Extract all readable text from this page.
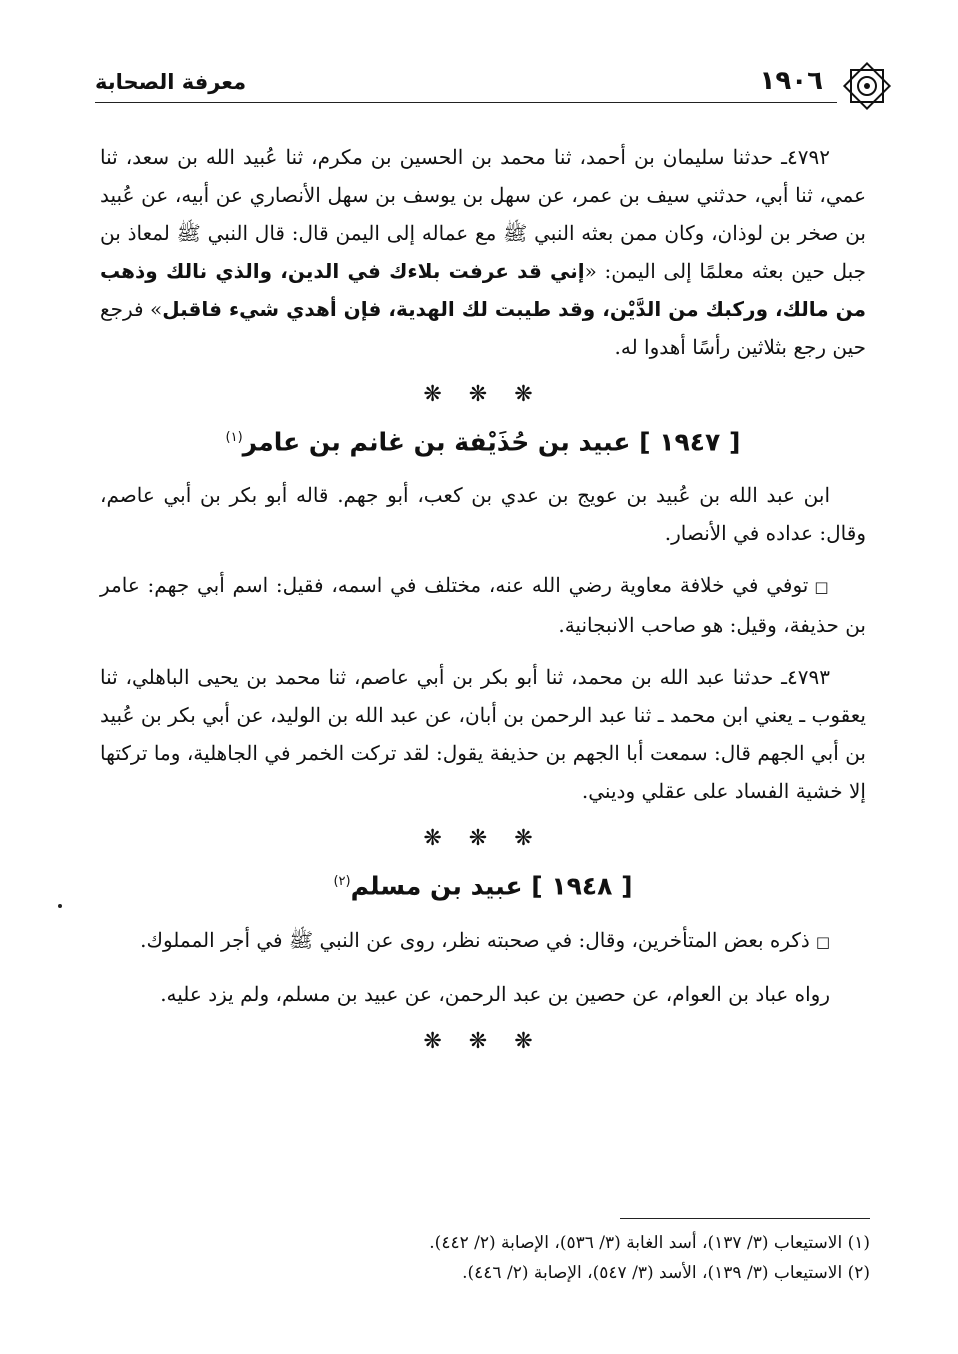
١٩٠٦
معرفة الصحابة

٤٧٩٢ـ حدثنا سليمان بن أحمد، ثنا محمد بن الحسين بن مكرم، ثنا عُبيد الله بن سعد، ثنا عمي، ثنا أبي، حدثني سيف بن عمر، عن سهل بن يوسف بن سهل الأنصاري عن أبيه، عن عُبيد بن صخر بن لوذان، وكان ممن بعثه النبي ﷺ مع عماله إلى اليمن قال: قال النبي ﷺ لمعاذ بن جبل حين بعثه معلمًا إلى اليمن: «إني قد عرفت بلاءك في الدين، والذي نالك وذهب من مالك، وركبك من الدَّيْن، وقد طيبت لك الهدية، فإن أهدي شيء فاقبل» فرجع حين رجع بثلاثين رأسًا أهدوا له.

❋ ❋ ❋
[ ١٩٤٧ ] عبيد بن حُذَيْفة بن غانم بن عامر$^{(١)}$

ابن عبد الله بن عُبيد بن عويج بن عدي بن كعب، أبو جهم. قاله أبو بكر بن أبي عاصم، وقال: عداده في الأنصار.

□توفي في خلافة معاوية رضي الله عنه، مختلف في اسمه، فقيل: اسم أبي جهم: عامر بن حذيفة، وقيل: هو صاحب الانبجانية.

٤٧٩٣ـ حدثنا عبد الله بن محمد، ثنا أبو بكر بن أبي عاصم، ثنا محمد بن يحيى الباهلي، ثنا يعقوب ـ يعني ابن محمد ـ ثنا عبد الرحمن بن أبان، عن عبد الله بن الوليد، عن أبي بكر بن عُبيد بن أبي الجهم قال: سمعت أبا الجهم بن حذيفة يقول: لقد تركت الخمر في الجاهلية، وما تركتها إلا خشية الفساد على عقلي وديني.

❋ ❋ ❋
[ ١٩٤٨ ] عبيد بن مسلم$^{(٢)}$

□ذكره بعض المتأخرين، وقال: في صحبته نظر، روى عن النبي ﷺ في أجر المملوك.

رواه عباد بن العوام، عن حصين بن عبد الرحمن، عن عبيد بن مسلم، ولم يزد عليه.

❋ ❋ ❋

(١) الاستيعاب (٣/ ١٣٧)، أسد الغابة (٣/ ٥٣٦)، الإصابة (٢/ ٤٤٢).

(٢) الاستيعاب (٣/ ١٣٩)، الأسد (٣/ ٥٤٧)، الإصابة (٢/ ٤٤٦).
